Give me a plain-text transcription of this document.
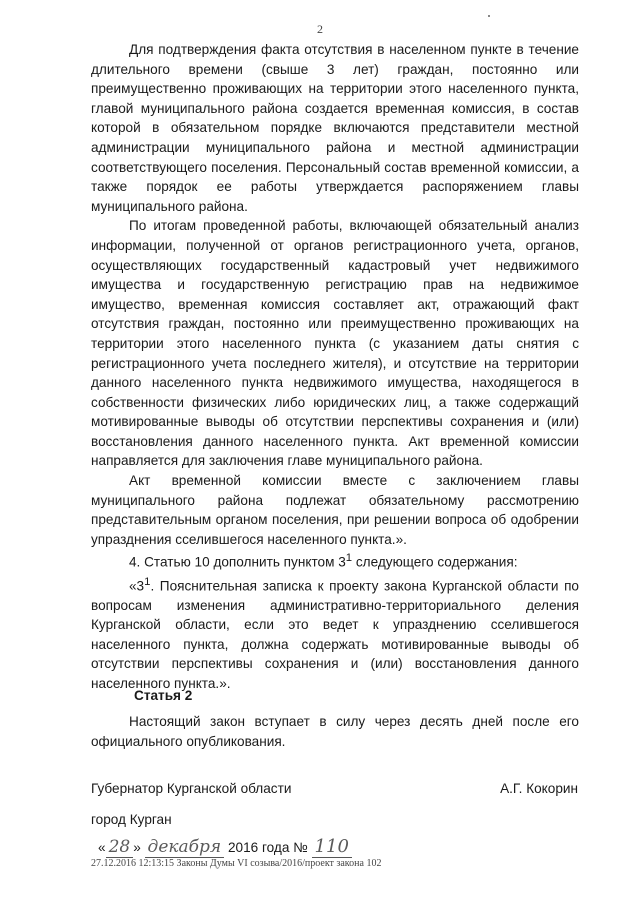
2

Для подтверждения факта отсутствия в населенном пункте в течение длительного времени (свыше 3 лет) граждан, постоянно или преимущественно проживающих на территории этого населенного пункта, главой муниципального района создается временная комиссия, в состав которой в обязательном порядке включаются представители местной администрации муниципального района и местной администрации соответствующего поселения. Персональный состав временной комиссии, а также порядок ее работы утверждается распоряжением главы муниципального района.

По итогам проведенной работы, включающей обязательный анализ информации, полученной от органов регистрационного учета, органов, осуществляющих государственный кадастровый учет недвижимого имущества и государственную регистрацию прав на недвижимое имущество, временная комиссия составляет акт, отражающий факт отсутствия граждан, постоянно или преимущественно проживающих на территории этого населенного пункта (с указанием даты снятия с регистрационного учета последнего жителя), и отсутствие на территории данного населенного пункта недвижимого имущества, находящегося в собственности физических либо юридических лиц, а также содержащий мотивированные выводы об отсутствии перспективы сохранения и (или) восстановления данного населенного пункта. Акт временной комиссии направляется для заключения главе муниципального района.

Акт временной комиссии вместе с заключением главы муниципального района подлежат обязательному рассмотрению представительным органом поселения, при решении вопроса об одобрении упразднения сселившегося населенного пункта.».

4. Статью 10 дополнить пунктом $3^1$ следующего содержания:

«$3^1$. Пояснительная записка к проекту закона Курганской области по вопросам изменения административно-территориального деления Курганской области, если это ведет к упразднению сселившегося населенного пункта, должна содержать мотивированные выводы об отсутствии перспективы сохранения и (или) восстановления данного населенного пункта.».

Статья 2
Настоящий закон вступает в силу через десять дней после его официального опубликования.
Губернатор Курганской области	А.Г. Кокорин
город Курган
« 28 » декабря 2016 года № 110
27.12.2016 12:13:15 Законы Думы VI созыва/2016/проект закона 102
